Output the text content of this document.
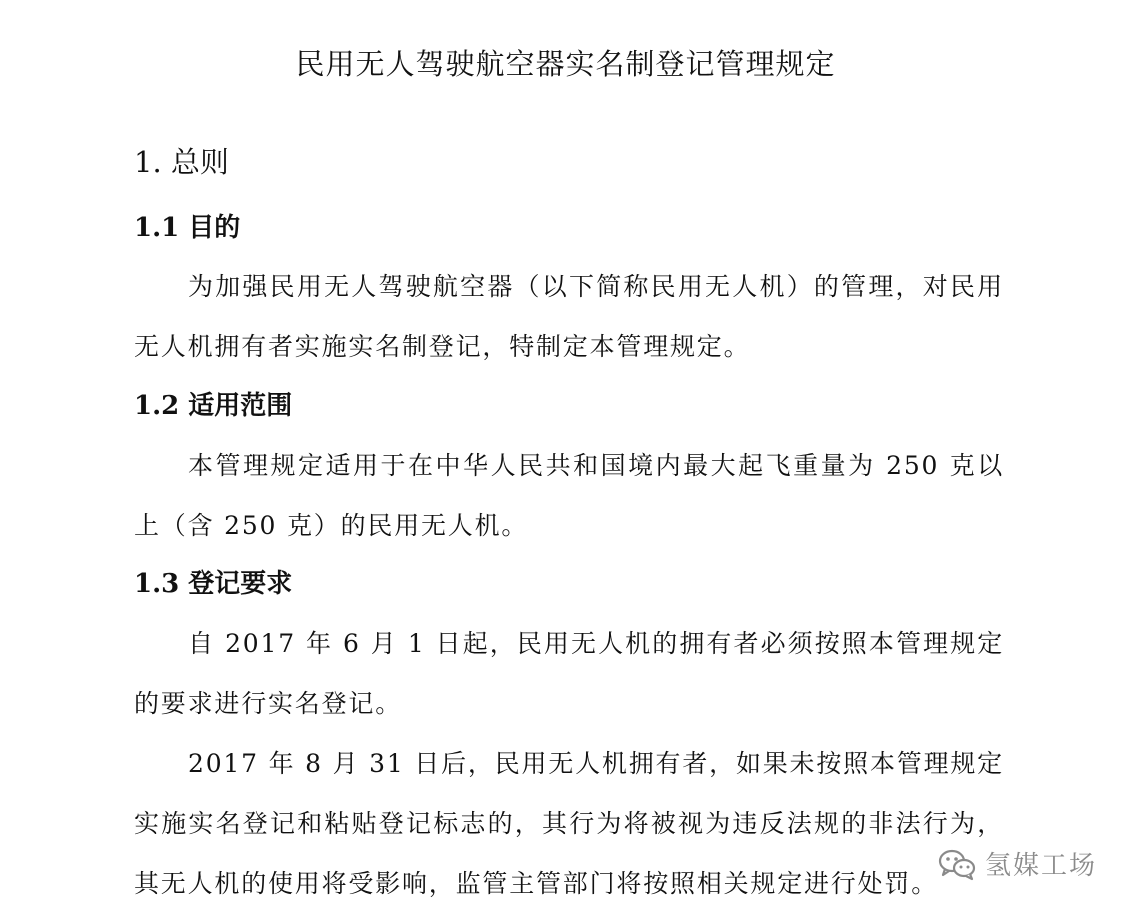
民用无人驾驶航空器实名制登记管理规定
1. 总则
1.1 目的

为加强民用无人驾驶航空器（以下简称民用无人机）的管理，对民用无人机拥有者实施实名制登记，特制定本管理规定。

1.2 适用范围

本管理规定适用于在中华人民共和国境内最大起飞重量为 250 克以上（含 250 克）的民用无人机。

1.3 登记要求

自 2017 年 6 月 1 日起，民用无人机的拥有者必须按照本管理规定的要求进行实名登记。

2017 年 8 月 31 日后，民用无人机拥有者，如果未按照本管理规定实施实名登记和粘贴登记标志的，其行为将被视为违反法规的非法行为，其无人机的使用将受影响，监管主管部门将按照相关规定进行处罚。

氢媒工场
